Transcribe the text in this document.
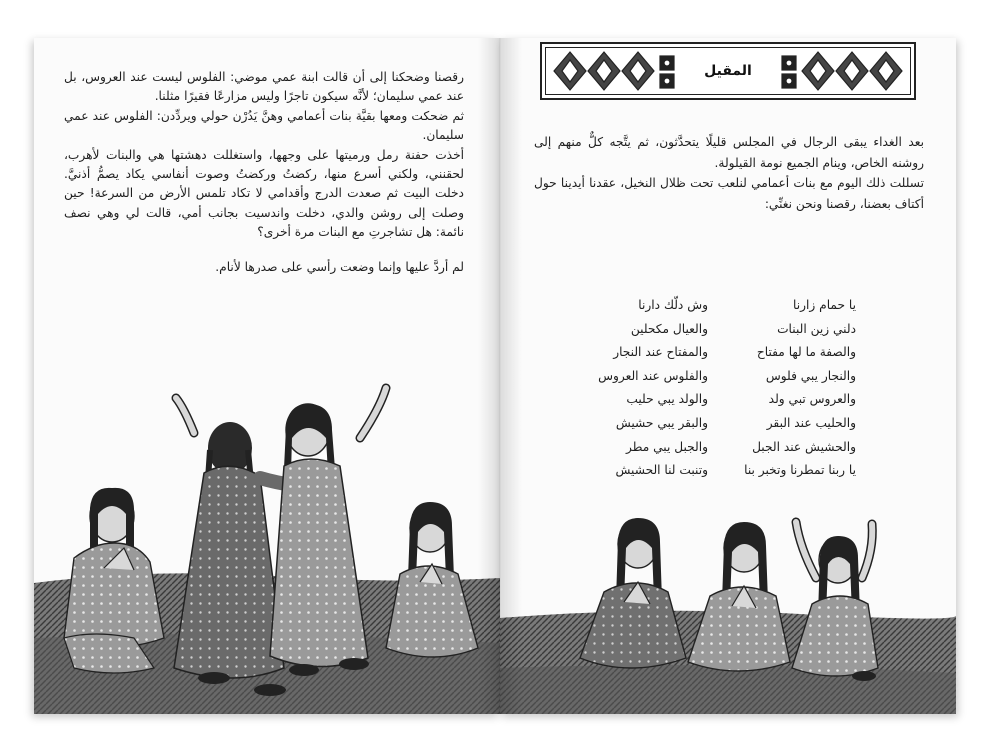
رقصنا وضحكنا إلى أن قالت ابنة عمي موضي: الفلوس ليست عند العروس، بل عند عمي سليمان؛ لأنَّه سيكون تاجرًا وليس مزارعًا فقيرًا مثلنا.

ثم ضحكت ومعها بقيَّة بنات أعمامي وهنَّ يَدُرْن حولي ويردِّدن: الفلوس عند عمي سليمان.

أخذت حفنة رمل ورميتها على وجهها، واستغللت دهشتها هي والبنات لأهرب، لحقنني، ولكني أسرع منها، ركضتُ وركضتُ وصوت أنفاسي يكاد يصمُّ أذنيَّ. دخلت البيت ثم صعدت الدرج وأقدامي لا تكاد تلمس الأرض من السرعة! حين وصلت إلى روشن والدي، دخلت واندسيت بجانب أمي، قالت لي وهي نصف نائمة: هل تشاجرتِ مع البنات مرة أخرى؟

لم أردَّ عليها وإنما وضعت رأسي على صدرها لأنام.

المقيل

بعد الغداء يبقى الرجال في المجلس قليلًا يتحدَّثون، ثم يتَّجه كلٌّ منهم إلى روشنه الخاص، وينام الجميع نومة القيلولة.

تسللت ذلك اليوم مع بنات أعمامي لنلعب تحت ظلال النخيل، عقدنا أيدينا حول أكتاف بعضنا، رقصنا ونحن نغنِّي:

يا حمام زارنا
دلني زين البنات
والصفة ما لها مفتاح
والنجار يبي فلوس
والعروس تبي ولد
والحليب عند البقر
والحشيش عند الجبل
يا ربنا تمطرنا وتخبر بنا
وش دلّك دارنا
والعيال مكحلين
والمفتاح عند النجار
والفلوس عند العروس
والولد يبي حليب
والبقر يبي حشيش
والجبل يبي مطر
وتنبت لنا الحشيش
